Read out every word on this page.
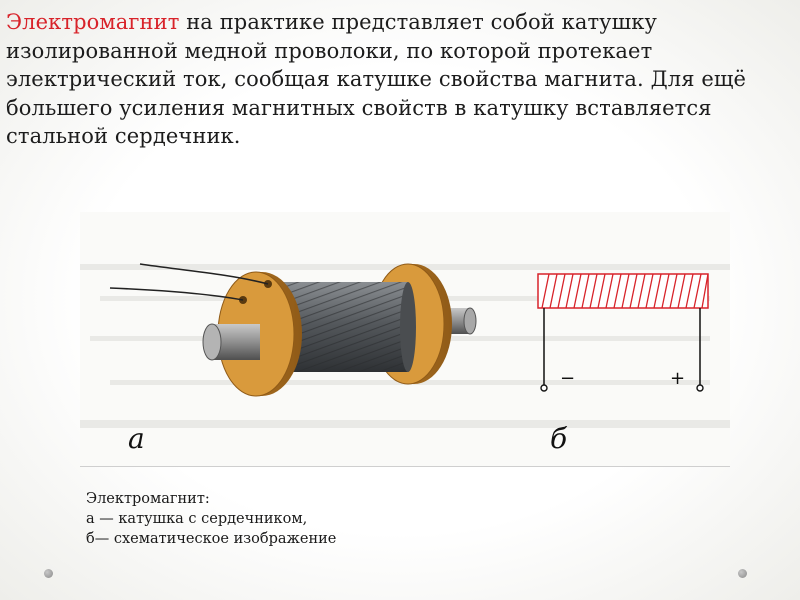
Электромагнит на практике представляет собой катушку изолированной медной проволоки, по которой протекает электрический ток, сообщая катушке свойства магнита. Для ещё большего усиления магнитных свойств в катушку вставляется стальной сердечник.

а
−	+
б

Электромагнит:
а — катушка с сердечником,
б— схематическое изображение
